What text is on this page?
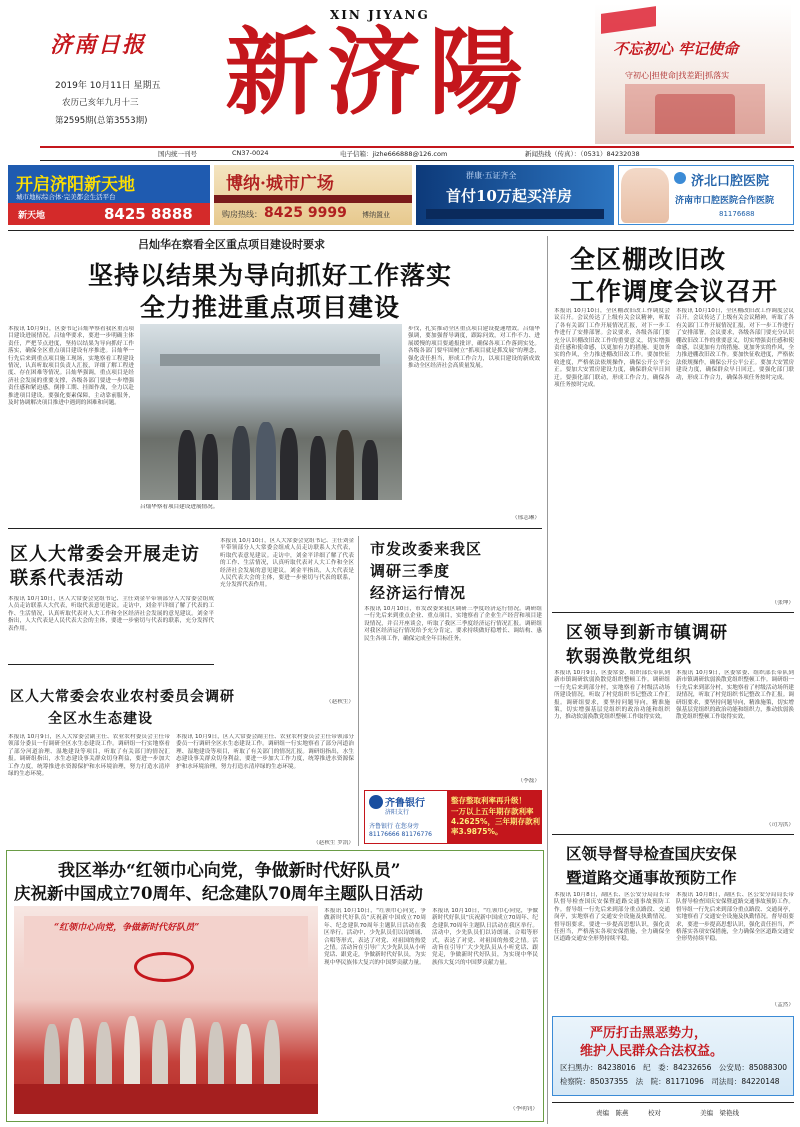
济南日报
2019年 10月11日 星期五
农历己亥年九月十三
第2595期(总第3553期)
XIN JIYANG
新济陽	不忘初心 牢记使命
守初心|担使命|找差距|抓落实
国内统一刊号	CN37-0024	电子信箱：jizhe666888@126.com	新闻热线（传真）：（0531）84232038
开启济阳新天地
城市地标综合体·完美都会生活平台
新天地	8425 8888
博纳·城市广场
购房热线： 8425 9999 博纳置业
群康·五证齐全
首付10万起买洋房
济北口腔医院
济南市口腔医院合作医院
81176688
吕灿华在察看全区重点项目建设时要求
坚持以结果为导向抓好工作落实
全力推进重点项目建设
本报讯 10月9日，区委书记吕灿华察看我区重点项目建设进展情况。吕灿华要求，要进一步明确主体责任，严把节点进度，坚持以结果为导向抓好工作落实，确保全区重点项目建设有序推进。吕灿华一行先后来到重点项目施工现场，实地察看工程建设情况，认真听取项目负责人汇报，详细了解工程进度、存在困难等情况。吕灿华强调，重点项目是经济社会发展的重要支撑，各级各部门要进一步增强责任感和紧迫感，倒排工期、挂图作战，全力以赴推进项目建设。要强化要素保障，主动靠前服务，及时协调解决项目推进中遇到的困难和问题。
吕灿华察看项目建设进展情况。
步伐，扎实推动全区重点项目建设提速增效。吕灿华强调，要加强督导调度，跟踪问效，对工作不力、进展缓慢的项目要通报批评，确保各项工作落到实处。各级各部门要牢固树立“抓项目就是抓发展”的理念，强化责任担当，形成工作合力，以项目建设的新成效推动全区经济社会高质量发展。
（邢志琳）
全区棚改旧改
工作调度会议召开
本报讯 10月10日，全区棚改旧改工作调度会议召开。会议传达了上级有关会议精神，听取了各有关部门工作开展情况汇报，对下一步工作进行了安排部署。会议要求，各级各部门要充分认识棚改旧改工作的重要意义，切实增强责任感和使命感，以更加有力的措施、更加务实的作风，全力推进棚改旧改工作。要加快征收进度，严格依法依规操作，确保公开公平公正。要加大安置房建设力度，确保群众早日回迁。要强化部门联动，形成工作合力，确保各项任务按时完成。
本报讯 10月10日，全区棚改旧改工作调度会议召开。会议传达了上级有关会议精神，听取了各有关部门工作开展情况汇报，对下一步工作进行了安排部署。会议要求，各级各部门要充分认识棚改旧改工作的重要意义，切实增强责任感和使命感，以更加有力的措施、更加务实的作风，全力推进棚改旧改工作。要加快征收进度，严格依法依规操作，确保公开公平公正。要加大安置房建设力度，确保群众早日回迁。要强化部门联动，形成工作合力，确保各项任务按时完成。
（张坤）
区人大常委会开展走访
联系代表活动
本报讯 10月10日，区人大常委会党组书记、主任刘金平带领部分人大常委会组成人员走访联系人大代表，听取代表意见建议。走访中，刘金平详细了解了代表的工作、生活情况，认真听取代表对人大工作和全区经济社会发展的意见建议。刘金平指出，人大代表是人民代表大会的主体，要进一步密切与代表的联系，充分发挥代表作用。
本报讯 10月10日，区人大常委会党组书记、主任刘金平带领部分人大常委会组成人员走访联系人大代表，听取代表意见建议。走访中，刘金平详细了解了代表的工作、生活情况，认真听取代表对人大工作和全区经济社会发展的意见建议。刘金平指出，人大代表是人民代表大会的主体，要进一步密切与代表的联系，充分发挥代表作用。
（赵秋生）
市发改委来我区
调研三季度
经济运行情况
本报讯 10月10日，市发改委来我区调研三季度经济运行情况。调研组一行先后来到重点企业、重点项目，实地察看了企业生产经营和项目建设情况，并召开座谈会，听取了我区三季度经济运行情况汇报。调研组对我区经济运行情况给予充分肯定，要求持续做好稳增长、调结构、惠民生各项工作，确保完成全年目标任务。
（李磊）
区人大常委会农业农村委员会调研
全区水生态建设
本报讯 10月9日，区人大常委会副主任、农业农村委员会主任带领部分委员一行调研全区水生态建设工作。调研组一行实地察看了部分河道治理、湿地建设等项目，听取了有关部门的情况汇报。调研组指出，水生态建设事关群众切身利益，要进一步加大工作力度，统筹推进水资源保护和水环境治理，努力打造水清岸绿的生态环境。
本报讯 10月9日，区人大常委会副主任、农业农村委员会主任带领部分委员一行调研全区水生态建设工作。调研组一行实地察看了部分河道治理、湿地建设等项目，听取了有关部门的情况汇报。调研组指出，水生态建设事关群众切身利益，要进一步加大工作力度，统筹推进水资源保护和水环境治理，努力打造水清岸绿的生态环境。
（赵秋生 罗凯）
齐鲁银行
济阳支行
齐鲁银行 在您身旁
81176666 81176776
整存整取利率再升级！
一万以上五年期存款利率4.2625%，三年期存款利率3.9875%。
区领导到新市镇调研
软弱涣散党组织
本报讯 10月9日，区委常委、组织部长带队到新市镇调研软弱涣散党组织整顿工作。调研组一行先后来到部分村，实地察看了村级活动场所建设情况，听取了村党组织书记整改工作汇报。调研组要求，要坚持问题导向，精准施策，切实增强基层党组织的政治功能和组织力，推动软弱涣散党组织整顿工作取得实效。
本报讯 10月9日，区委常委、组织部长带队到新市镇调研软弱涣散党组织整顿工作。调研组一行先后来到部分村，实地察看了村级活动场所建设情况，听取了村党组织书记整改工作汇报。调研组要求，要坚持问题导向，精准施策，切实增强基层党组织的政治功能和组织力，推动软弱涣散党组织整顿工作取得实效。
（司为洪）
我区举办“红领巾心向党，争做新时代好队员”
庆祝新中国成立70周年、纪念建队70周年主题队日活动
“红领巾心向党，争做新时代好队员”
本报讯 10月10日，“红领巾心向党，争做新时代好队员”庆祝新中国成立70周年、纪念建队70周年主题队日活动在我区举行。活动中，少先队员们以诗朗诵、合唱等形式，表达了对党、对祖国的热爱之情。活动旨在引导广大少先队员从小听党话、跟党走，争做新时代好队员，为实现中华民族伟大复兴的中国梦贡献力量。
本报讯 10月10日，“红领巾心向党，争做新时代好队员”庆祝新中国成立70周年、纪念建队70周年主题队日活动在我区举行。活动中，少先队员们以诗朗诵、合唱等形式，表达了对党、对祖国的热爱之情。活动旨在引导广大少先队员从小听党话、跟党走，争做新时代好队员，为实现中华民族伟大复兴的中国梦贡献力量。
（李明钊）
区领导督导检查国庆安保
暨道路交通事故预防工作
本报讯 10月8日，副区长、区公安分局局长带队督导检查国庆安保暨道路交通事故预防工作。督导组一行先后来到部分重点路段、交通岗亭，实地察看了交通安全设施及执勤情况。督导组要求，要进一步提高思想认识，强化责任担当，严格落实各项安保措施，全力确保全区道路交通安全形势持续平稳。
本报讯 10月8日，副区长、区公安分局局长带队督导检查国庆安保暨道路交通事故预防工作。督导组一行先后来到部分重点路段、交通岗亭，实地察看了交通安全设施及执勤情况。督导组要求，要进一步提高思想认识，强化责任担当，严格落实各项安保措施，全力确保全区道路交通安全形势持续平稳。
（孟然）
严厉打击黑恶势力，
维护人民群众合法权益。
区扫黑办：84238016　纪　委：84232656　公安局：85088300
检察院：85037355　法　院：81171096　司法局：84220148
责编　陈燕	校对	美编　梁艳线
